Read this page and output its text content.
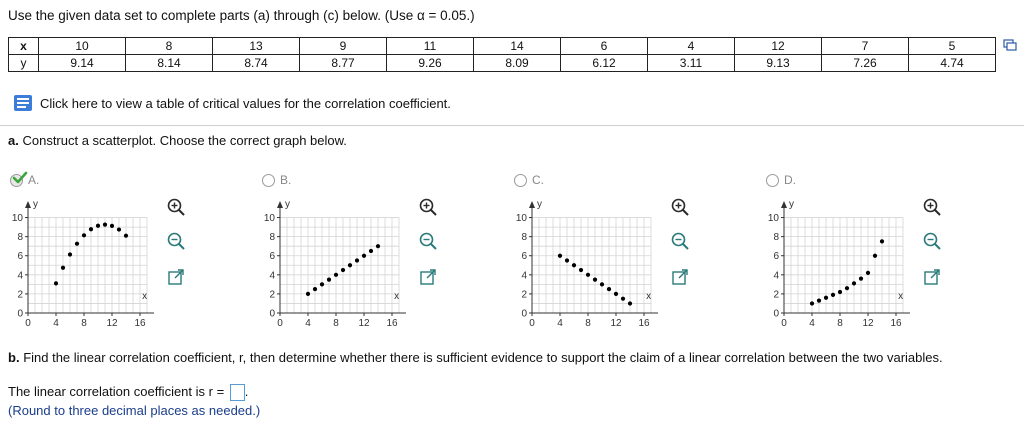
Use the given data set to complete parts (a) through (c) below. (Use α = 0.05.)
x	10	8	13	9	11	14	6	4	12	7	5
y	9.14	8.14	8.74	8.77	9.26	8.09	6.12	3.11	9.13	7.26	4.74
Click here to view a table of critical values for the correlation coefficient.
a. Construct a scatterplot. Choose the correct graph below.
A.
y
x
0
2
4
6
8
10
0 4 8 12 16
B.
y
x
0
2
4
6
8
10
0 4 8 12 16
C.
y
x
0
2
4
6
8
10
0 4 8 12 16
D.
y
x
0
2
4
6
8
10
0 4 8 12 16
b. Find the linear correlation coefficient, r, then determine whether there is sufficient evidence to support the claim of a linear correlation between the two variables.
The linear correlation coefficient is r = .
(Round to three decimal places as needed.)
